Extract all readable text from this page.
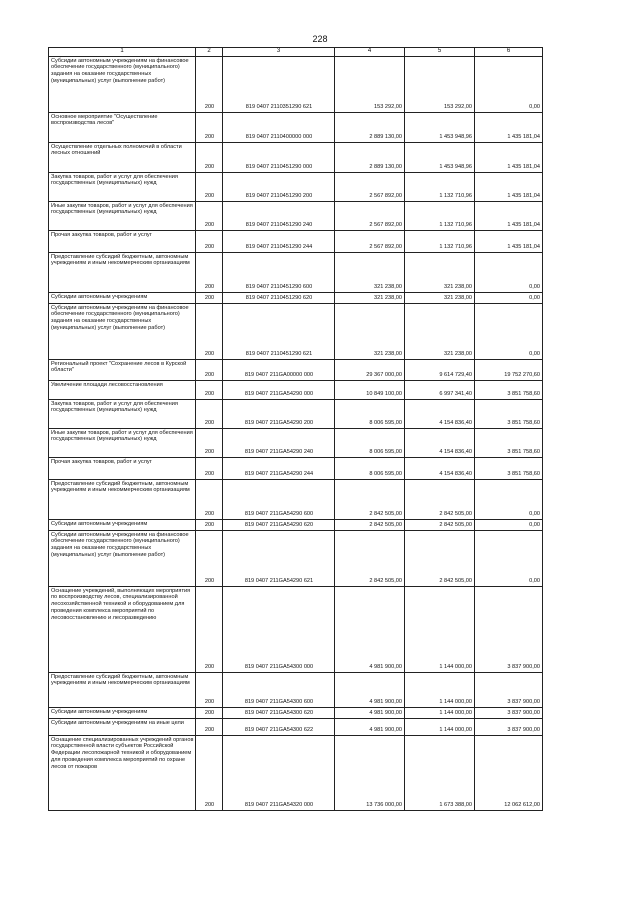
228
1	2	3	4	5	6
Субсидии автономным учреждениям на финансовое обеспечение государственного (муниципального) задания на оказание государственных (муниципальных) услуг (выполнение работ)	200	819 0407 2110351290 621	153 292,00	153 292,00	0,00
Основное мероприятие "Осуществление воспроизводства лесов"	200	819 0407 2110400000 000	2 889 130,00	1 453 948,96	1 435 181,04
Осуществление отдельных полномочий в области лесных отношений	200	819 0407 2110451290 000	2 889 130,00	1 453 948,96	1 435 181,04
Закупка товаров, работ и услуг для обеспечения государственных (муниципальных) нужд	200	819 0407 2110451290 200	2 567 892,00	1 132 710,96	1 435 181,04
Иные закупки товаров, работ и услуг для обеспечения государственных (муниципальных) нужд	200	819 0407 2110451290 240	2 567 892,00	1 132 710,96	1 435 181,04
Прочая закупка товаров, работ и услуг	200	819 0407 2110451290 244	2 567 892,00	1 132 710,96	1 435 181,04
Предоставление субсидий бюджетным, автономным учреждениям и иным некоммерческим организациям	200	819 0407 2110451290 600	321 238,00	321 238,00	0,00
Субсидии автономным учреждениям	200	819 0407 2110451290 620	321 238,00	321 238,00	0,00
Субсидии автономным учреждениям на финансовое обеспечение государственного (муниципального) задания на оказание государственных (муниципальных) услуг (выполнение работ)	200	819 0407 2110451290 621	321 238,00	321 238,00	0,00
Региональный проект "Сохранение лесов в Курской области"	200	819 0407 211GA00000 000	29 367 000,00	9 614 729,40	19 752 270,60
Увеличение площади лесовосстановления	200	819 0407 211GA54290 000	10 849 100,00	6 997 341,40	3 851 758,60
Закупка товаров, работ и услуг для обеспечения государственных (муниципальных) нужд	200	819 0407 211GA54290 200	8 006 595,00	4 154 836,40	3 851 758,60
Иные закупки товаров, работ и услуг для обеспечения государственных (муниципальных) нужд	200	819 0407 211GA54290 240	8 006 595,00	4 154 836,40	3 851 758,60
Прочая закупка товаров, работ и услуг	200	819 0407 211GA54290 244	8 006 595,00	4 154 836,40	3 851 758,60
Предоставление субсидий бюджетным, автономным учреждениям и иным некоммерческим организациям	200	819 0407 211GA54290 600	2 842 505,00	2 842 505,00	0,00
Субсидии автономным учреждениям	200	819 0407 211GA54290 620	2 842 505,00	2 842 505,00	0,00
Субсидии автономным учреждениям на финансовое обеспечение государственного (муниципального) задания на оказание государственных (муниципальных) услуг (выполнение работ)	200	819 0407 211GA54290 621	2 842 505,00	2 842 505,00	0,00
Оснащение учреждений, выполняющих мероприятия по воспроизводству лесов, специализированной лесохозяйственной техникой и оборудованием для проведения комплекса мероприятий по лесовосстановлению и лесоразведению	200	819 0407 211GA54300 000	4 981 900,00	1 144 000,00	3 837 900,00
Предоставление субсидий бюджетным, автономным учреждениям и иным некоммерческим организациям	200	819 0407 211GA54300 600	4 981 900,00	1 144 000,00	3 837 900,00
Субсидии автономным учреждениям	200	819 0407 211GA54300 620	4 981 900,00	1 144 000,00	3 837 900,00
Субсидии автономным учреждениям на иные цели	200	819 0407 211GA54300 622	4 981 900,00	1 144 000,00	3 837 900,00
Оснащение специализированных учреждений органов государственной власти субъектов Российской Федерации лесопожарной техникой и оборудованием для проведения комплекса мероприятий по охране лесов от пожаров	200	819 0407 211GA54320 000	13 736 000,00	1 673 388,00	12 062 612,00
